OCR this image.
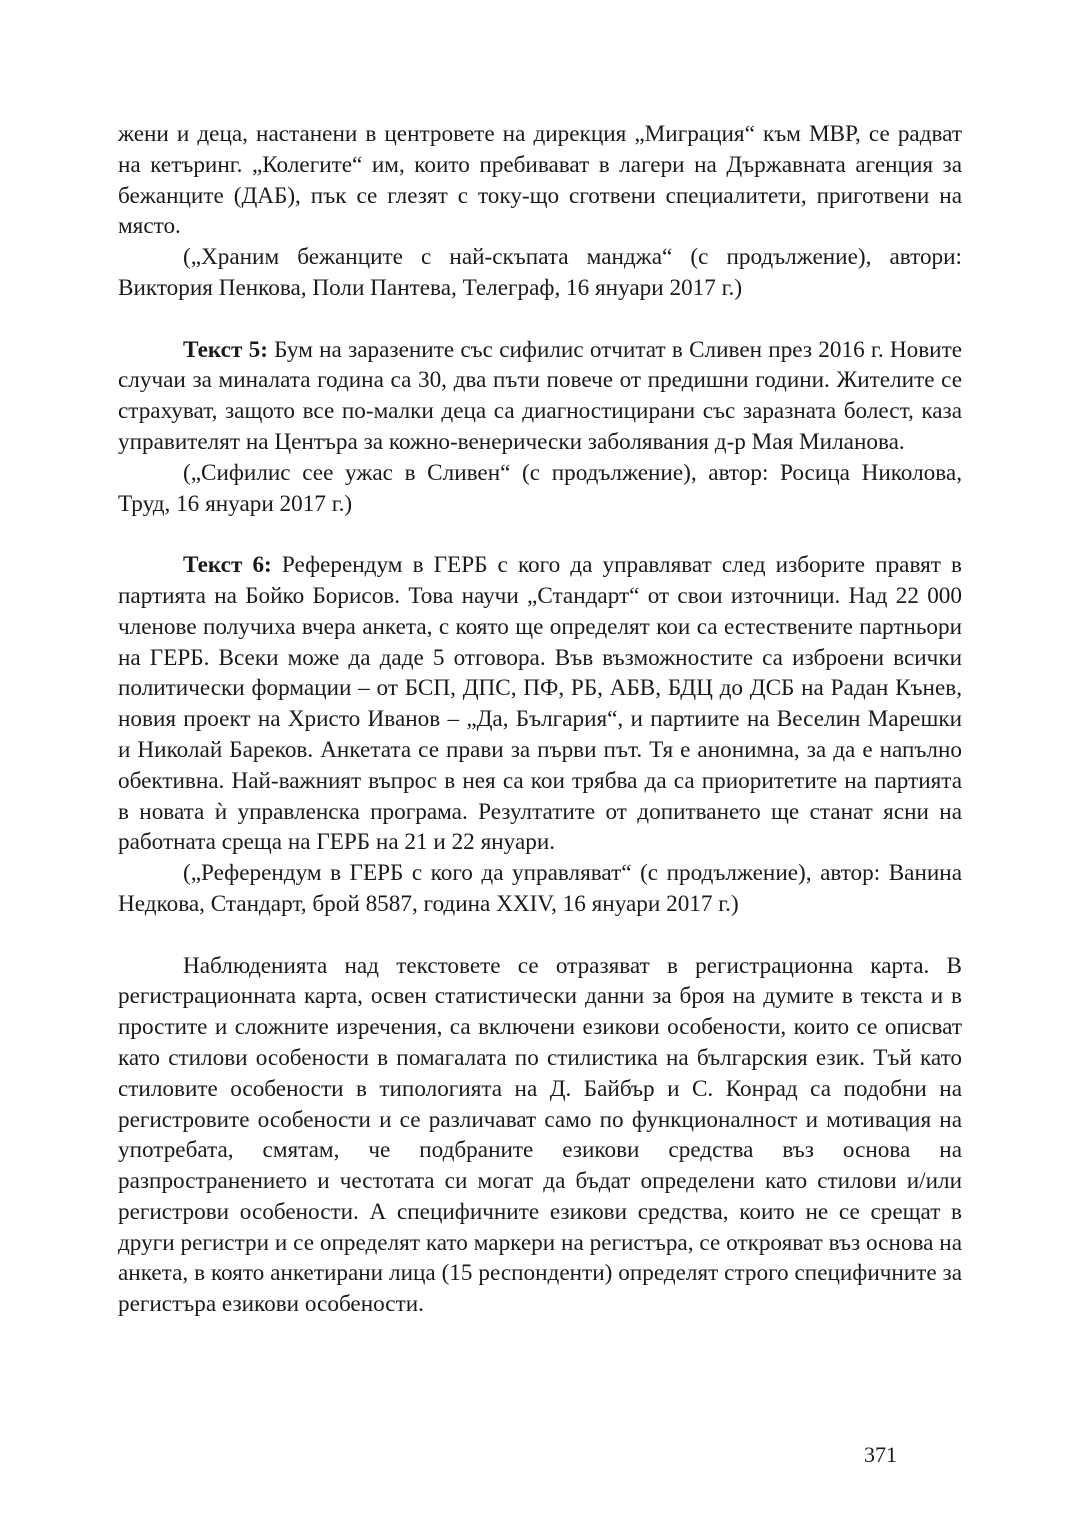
жени и деца, настанени в центровете на дирекция „Миграция“ към МВР, се радват на кетъринг. „Колегите“ им, които пребивават в лагери на Държавната агенция за бежанците (ДАБ), пък се глезят с току-що сготвени специалитети, приготвени на място.

(„Храним бежанците с най-скъпата манджа“ (с продължение), автори: Виктория Пенкова, Поли Пантева, Телеграф, 16 януари 2017 г.)

Текст 5: Бум на заразените със сифилис отчитат в Сливен през 2016 г. Новите случаи за миналата година са 30, два пъти повече от предишни години. Жителите се страхуват, защото все по-малки деца са диагностицирани със заразната болест, каза управителят на Центъра за кожно-венерически заболявания д-р Мая Миланова.

(„Сифилис сее ужас в Сливен“ (с продължение), автор: Росица Николова, Труд, 16 януари 2017 г.)

Текст 6: Референдум в ГЕРБ с кого да управляват след изборите правят в партията на Бойко Борисов. Това научи „Стандарт“ от свои източници. Над 22 000 членове получиха вчера анкета, с която ще определят кои са естествените партньори на ГЕРБ. Всеки може да даде 5 отговора. Във възможностите са изброени всички политически формации – от БСП, ДПС, ПФ, РБ, АБВ, БДЦ до ДСБ на Радан Кънев, новия проект на Христо Иванов – „Да, България“, и партиите на Веселин Марешки и Николай Бареков. Анкетата се прави за първи път. Тя е анонимна, за да е напълно обективна. Най-важният въпрос в нея са кои трябва да са приоритетите на партията в новата ѝ управленска програма. Резултатите от допитването ще станат ясни на работната среща на ГЕРБ на 21 и 22 януари.

(„Референдум в ГЕРБ с кого да управляват“ (с продължение), автор: Ванина Недкова, Стандарт, брой 8587, година XXIV, 16 януари 2017 г.)

Наблюденията над текстовете се отразяват в регистрационна карта. В регистрационната карта, освен статистически данни за броя на думите в текста и в простите и сложните изречения, са включени езикови особености, които се описват като стилови особености в помагалата по стилистика на българския език. Тъй като стиловите особености в типологията на Д. Байбър и С. Конрад са подобни на регистровите особености и се различават само по функционалност и мотивация на употребата, смятам, че подбраните езикови средства въз основа на разпространението и честотата си могат да бъдат определени като стилови и/или регистрови особености. А специфичните езикови средства, които не се срещат в други регистри и се определят като маркери на регистъра, се открояват въз основа на анкета, в която анкетирани лица (15 респонденти) определят строго специфичните за регистъра езикови особености.

371
